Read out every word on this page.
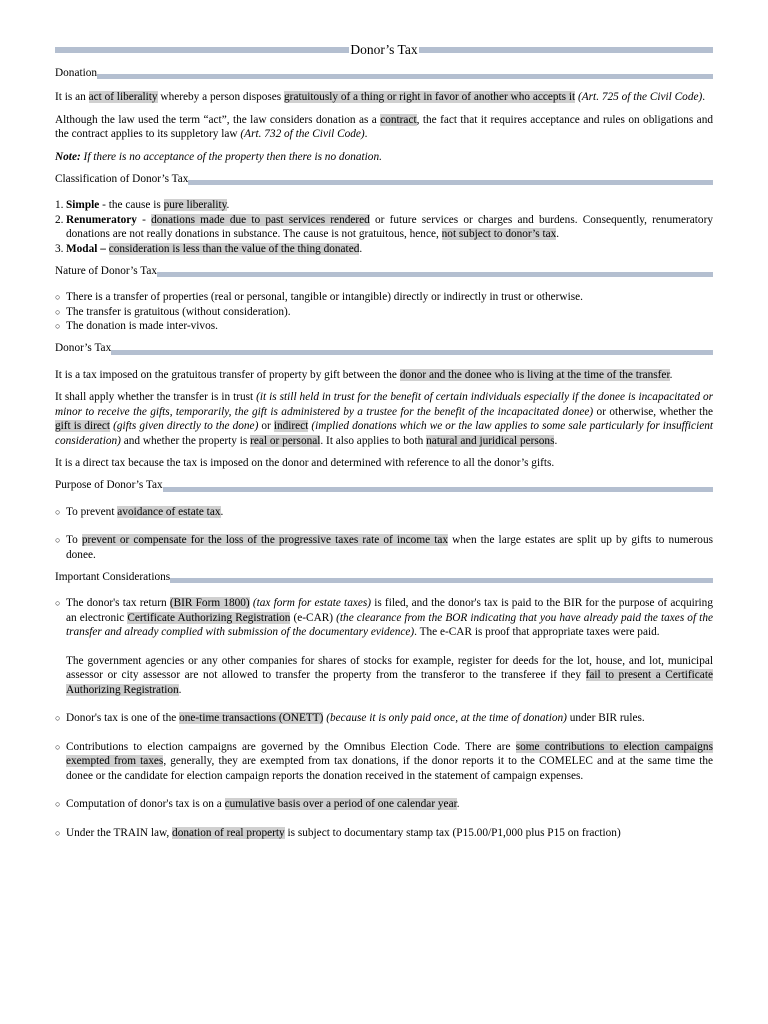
Donor’s Tax
Donation

It is an act of liberality whereby a person disposes gratuitously of a thing or right in favor of another who accepts it (Art. 725 of the Civil Code).

Although the law used the term “act”, the law considers donation as a contract, the fact that it requires acceptance and rules on obligations and the contract applies to its suppletory law (Art. 732 of the Civil Code).

Note: If there is no acceptance of the property then there is no donation.

Classification of Donor’s Tax
1. Simple - the cause is pure liberality.
2. Renumeratory - donations made due to past services rendered or future services or charges and burdens. Consequently, renumeratory donations are not really donations in substance. The cause is not gratuitous, hence, not subject to donor’s tax.
3. Modal – consideration is less than the value of the thing donated.
Nature of Donor’s Tax
○ There is a transfer of properties (real or personal, tangible or intangible) directly or indirectly in trust or otherwise.
○ The transfer is gratuitous (without consideration).
○ The donation is made inter-vivos.
Donor’s Tax

It is a tax imposed on the gratuitous transfer of property by gift between the donor and the donee who is living at the time of the transfer.

It shall apply whether the transfer is in trust (it is still held in trust for the benefit of certain individuals especially if the donee is incapacitated or minor to receive the gifts, temporarily, the gift is administered by a trustee for the benefit of the incapacitated donee) or otherwise, whether the gift is direct (gifts given directly to the done) or indirect (implied donations which we or the law applies to some sale particularly for insufficient consideration) and whether the property is real or personal. It also applies to both natural and juridical persons.

It is a direct tax because the tax is imposed on the donor and determined with reference to all the donor’s gifts.

Purpose of Donor’s Tax
○ To prevent avoidance of estate tax.
○ To prevent or compensate for the loss of the progressive taxes rate of income tax when the large estates are split up by gifts to numerous donee.
Important Considerations
○ The donor's tax return (BIR Form 1800) (tax form for estate taxes) is filed, and the donor's tax is paid to the BIR for the purpose of acquiring an electronic Certificate Authorizing Registration (e-CAR) (the clearance from the BOR indicating that you have already paid the taxes of the transfer and already complied with submission of the documentary evidence). The e-CAR is proof that appropriate taxes were paid.

The government agencies or any other companies for shares of stocks for example, register for deeds for the lot, house, and lot, municipal assessor or city assessor are not allowed to transfer the property from the transferor to the transferee if they fail to present a Certificate Authorizing Registration.

○ Donor's tax is one of the one-time transactions (ONETT) (because it is only paid once, at the time of donation) under BIR rules.
○ Contributions to election campaigns are governed by the Omnibus Election Code. There are some contributions to election campaigns exempted from taxes, generally, they are exempted from tax donations, if the donor reports it to the COMELEC and at the same time the donee or the candidate for election campaign reports the donation received in the statement of campaign expenses.
○ Computation of donor's tax is on a cumulative basis over a period of one calendar year.
○ Under the TRAIN law, donation of real property is subject to documentary stamp tax (P15.00/P1,000 plus P15 on fraction)
